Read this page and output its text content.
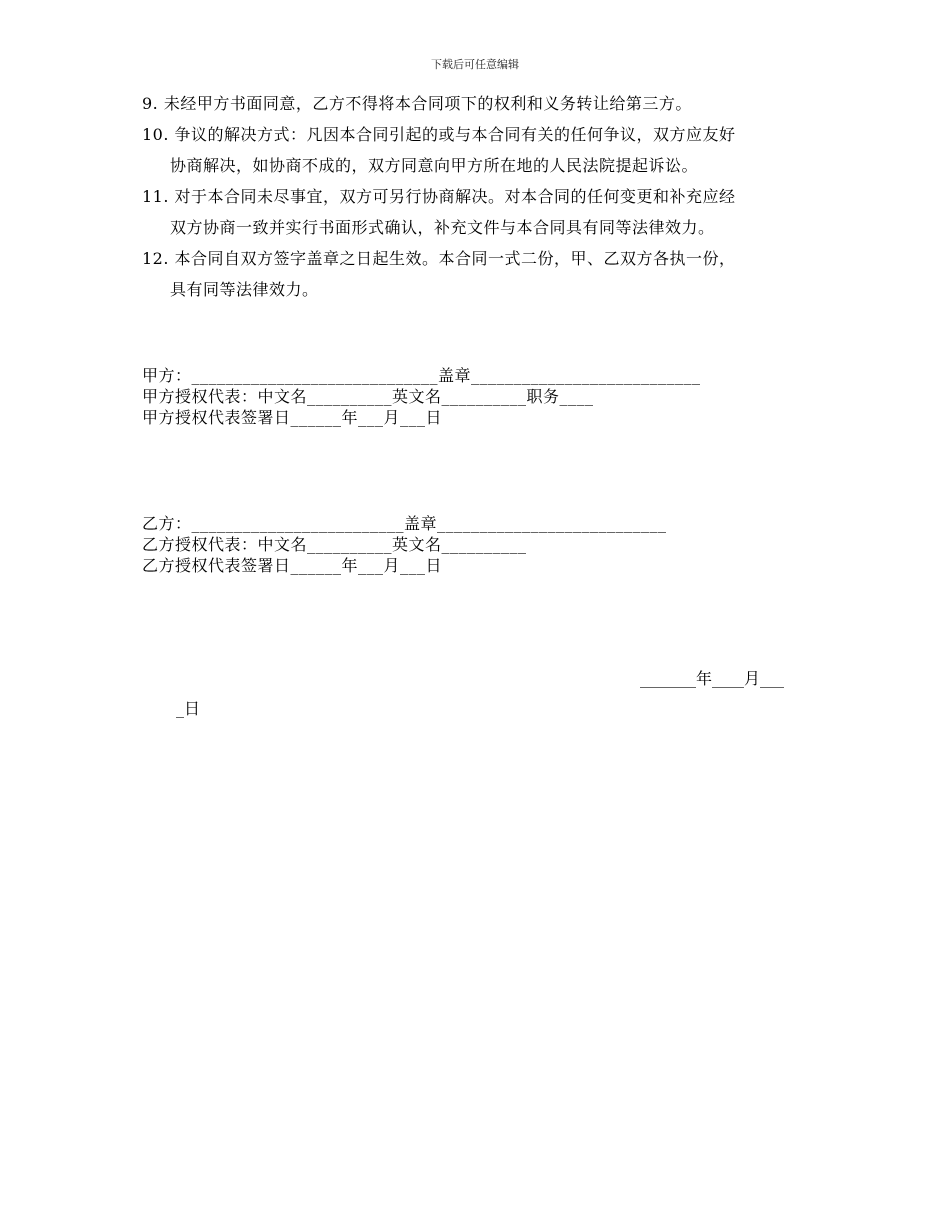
下载后可任意编辑
9. 未经甲方书面同意，乙方不得将本合同项下的权利和义务转让给第三方。
10. 争议的解决方式：凡因本合同引起的或与本合同有关的任何争议，双方应友好
协商解决，如协商不成的，双方同意向甲方所在地的人民法院提起诉讼。
11. 对于本合同未尽事宜，双方可另行协商解决。对本合同的任何变更和补充应经
双方协商一致并实行书面形式确认，补充文件与本合同具有同等法律效力。
12. 本合同自双方签字盖章之日起生效。本合同一式二份，甲、乙双方各执一份，
具有同等法律效力。
甲方：_____________________________盖章___________________________
甲方授权代表：中文名__________英文名__________职务____
甲方授权代表签署日______年___月___日
乙方：_________________________盖章___________________________
乙方授权代表：中文名__________英文名__________
乙方授权代表签署日______年___月___日
_______年____月___
_日
